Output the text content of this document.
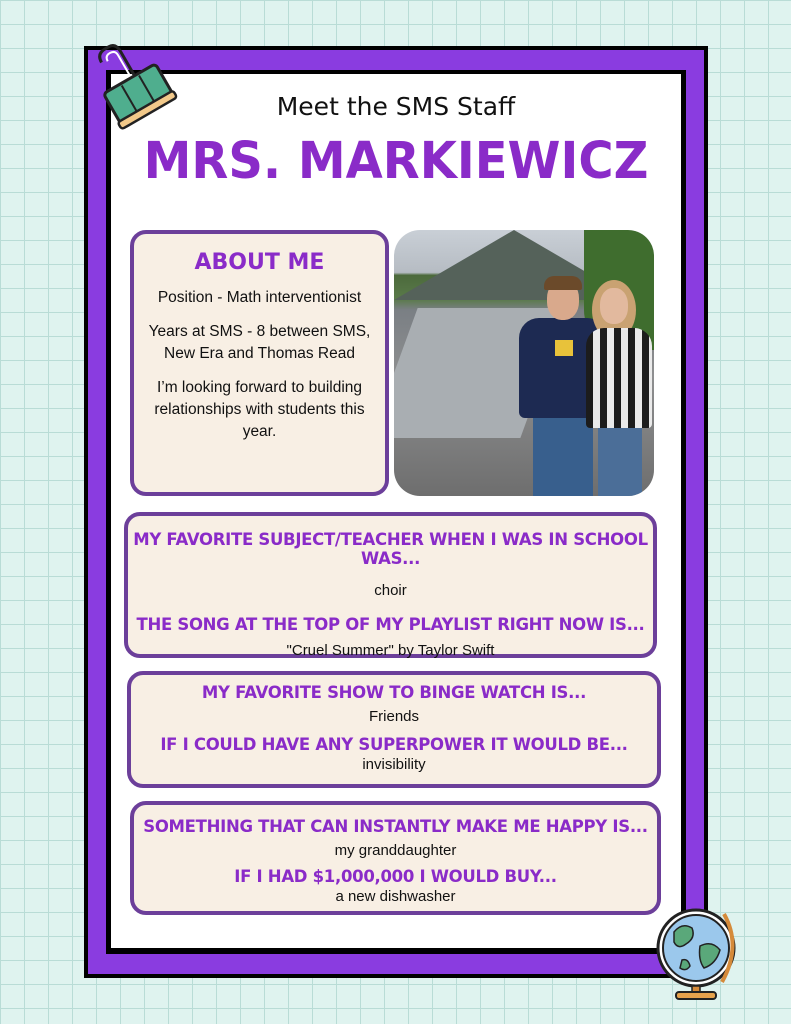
Meet the SMS Staff
MRS. MARKIEWICZ
ABOUT ME

Position - Math interventionist

Years at SMS - 8 between SMS, New Era and Thomas Read

I’m looking forward to building relationships with students this year.

MY FAVORITE SUBJECT/TEACHER WHEN I WAS IN SCHOOL WAS...
choir
THE SONG AT THE TOP OF MY PLAYLIST RIGHT NOW IS...
"Cruel Summer" by Taylor Swift
MY FAVORITE SHOW TO BINGE WATCH IS...
Friends
IF I COULD HAVE ANY SUPERPOWER IT WOULD BE...
invisibility
SOMETHING THAT CAN INSTANTLY MAKE ME HAPPY IS...
my granddaughter
IF I HAD $1,000,000 I WOULD BUY...
a new dishwasher
